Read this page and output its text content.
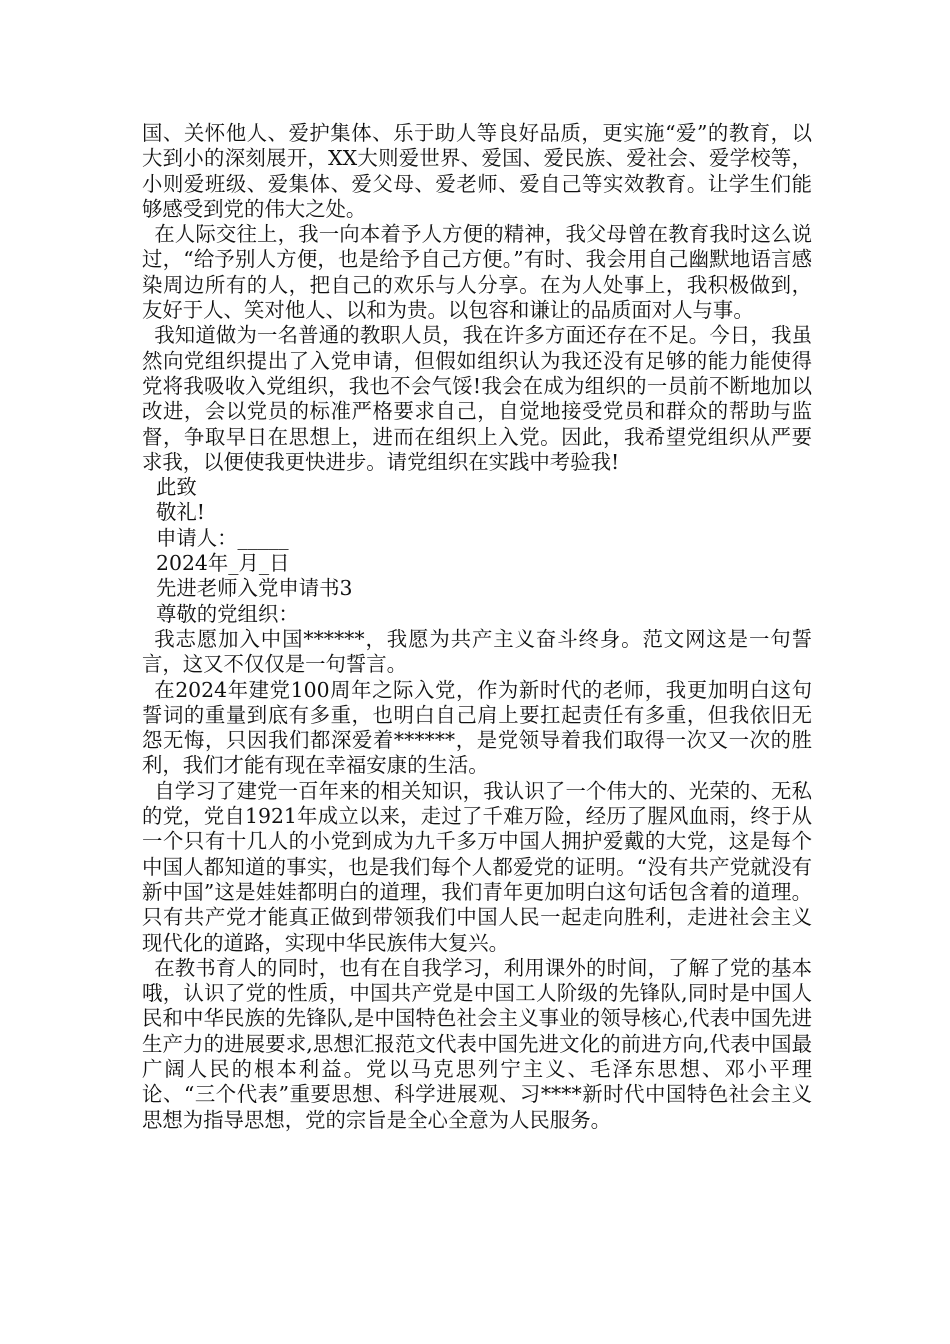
国、关怀他人、爱护集体、乐于助人等良好品质，更实施“爱”的教育，以大到小的深刻展开，XX大则爱世界、爱国、爱民族、爱社会、爱学校等，小则爱班级、爱集体、爱父母、爱老师、爱自己等实效教育。让学生们能够感受到党的伟大之处。

在人际交往上，我一向本着予人方便的精神，我父母曾在教育我时这么说过，“给予别人方便，也是给予自己方便。”有时、我会用自己幽默地语言感染周边所有的人，把自己的欢乐与人分享。在为人处事上，我积极做到，友好于人、笑对他人、以和为贵。以包容和谦让的品质面对人与事。

我知道做为一名普通的教职人员，我在许多方面还存在不足。今日，我虽然向党组织提出了入党申请，但假如组织认为我还没有足够的能力能使得党将我吸收入党组织，我也不会气馁!我会在成为组织的一员前不断地加以改进，会以党员的标准严格要求自己，自觉地接受党员和群众的帮助与监督，争取早日在思想上，进而在组织上入党。因此，我希望党组织从严要求我，以便使我更快进步。请党组织在实践中考验我!

此致

敬礼!

申请人：_____

2024年_月_日

先进老师入党申请书3

尊敬的党组织：

我志愿加入中国******，我愿为共产主义奋斗终身。范文网这是一句誓言，这又不仅仅是一句誓言。

在2024年建党100周年之际入党，作为新时代的老师，我更加明白这句誓词的重量到底有多重，也明白自己肩上要扛起责任有多重，但我依旧无怨无悔，只因我们都深爱着******，是党领导着我们取得一次又一次的胜利，我们才能有现在幸福安康的生活。

自学习了建党一百年来的相关知识，我认识了一个伟大的、光荣的、无私的党，党自1921年成立以来，走过了千难万险，经历了腥风血雨，终于从一个只有十几人的小党到成为九千多万中国人拥护爱戴的大党，这是每个中国人都知道的事实，也是我们每个人都爱党的证明。“没有共产党就没有新中国”这是娃娃都明白的道理，我们青年更加明白这句话包含着的道理。只有共产党才能真正做到带领我们中国人民一起走向胜利，走进社会主义现代化的道路，实现中华民族伟大复兴。

在教书育人的同时，也有在自我学习，利用课外的时间，了解了党的基本哦，认识了党的性质，中国共产党是中国工人阶级的先锋队,同时是中国人民和中华民族的先锋队,是中国特色社会主义事业的领导核心,代表中国先进生产力的进展要求,思想汇报范文代表中国先进文化的前进方向,代表中国最广阔人民的根本利益。党以马克思列宁主义、毛泽东思想、邓小平理论、“三个代表”重要思想、科学进展观、习****新时代中国特色社会主义思想为指导思想，党的宗旨是全心全意为人民服务。
